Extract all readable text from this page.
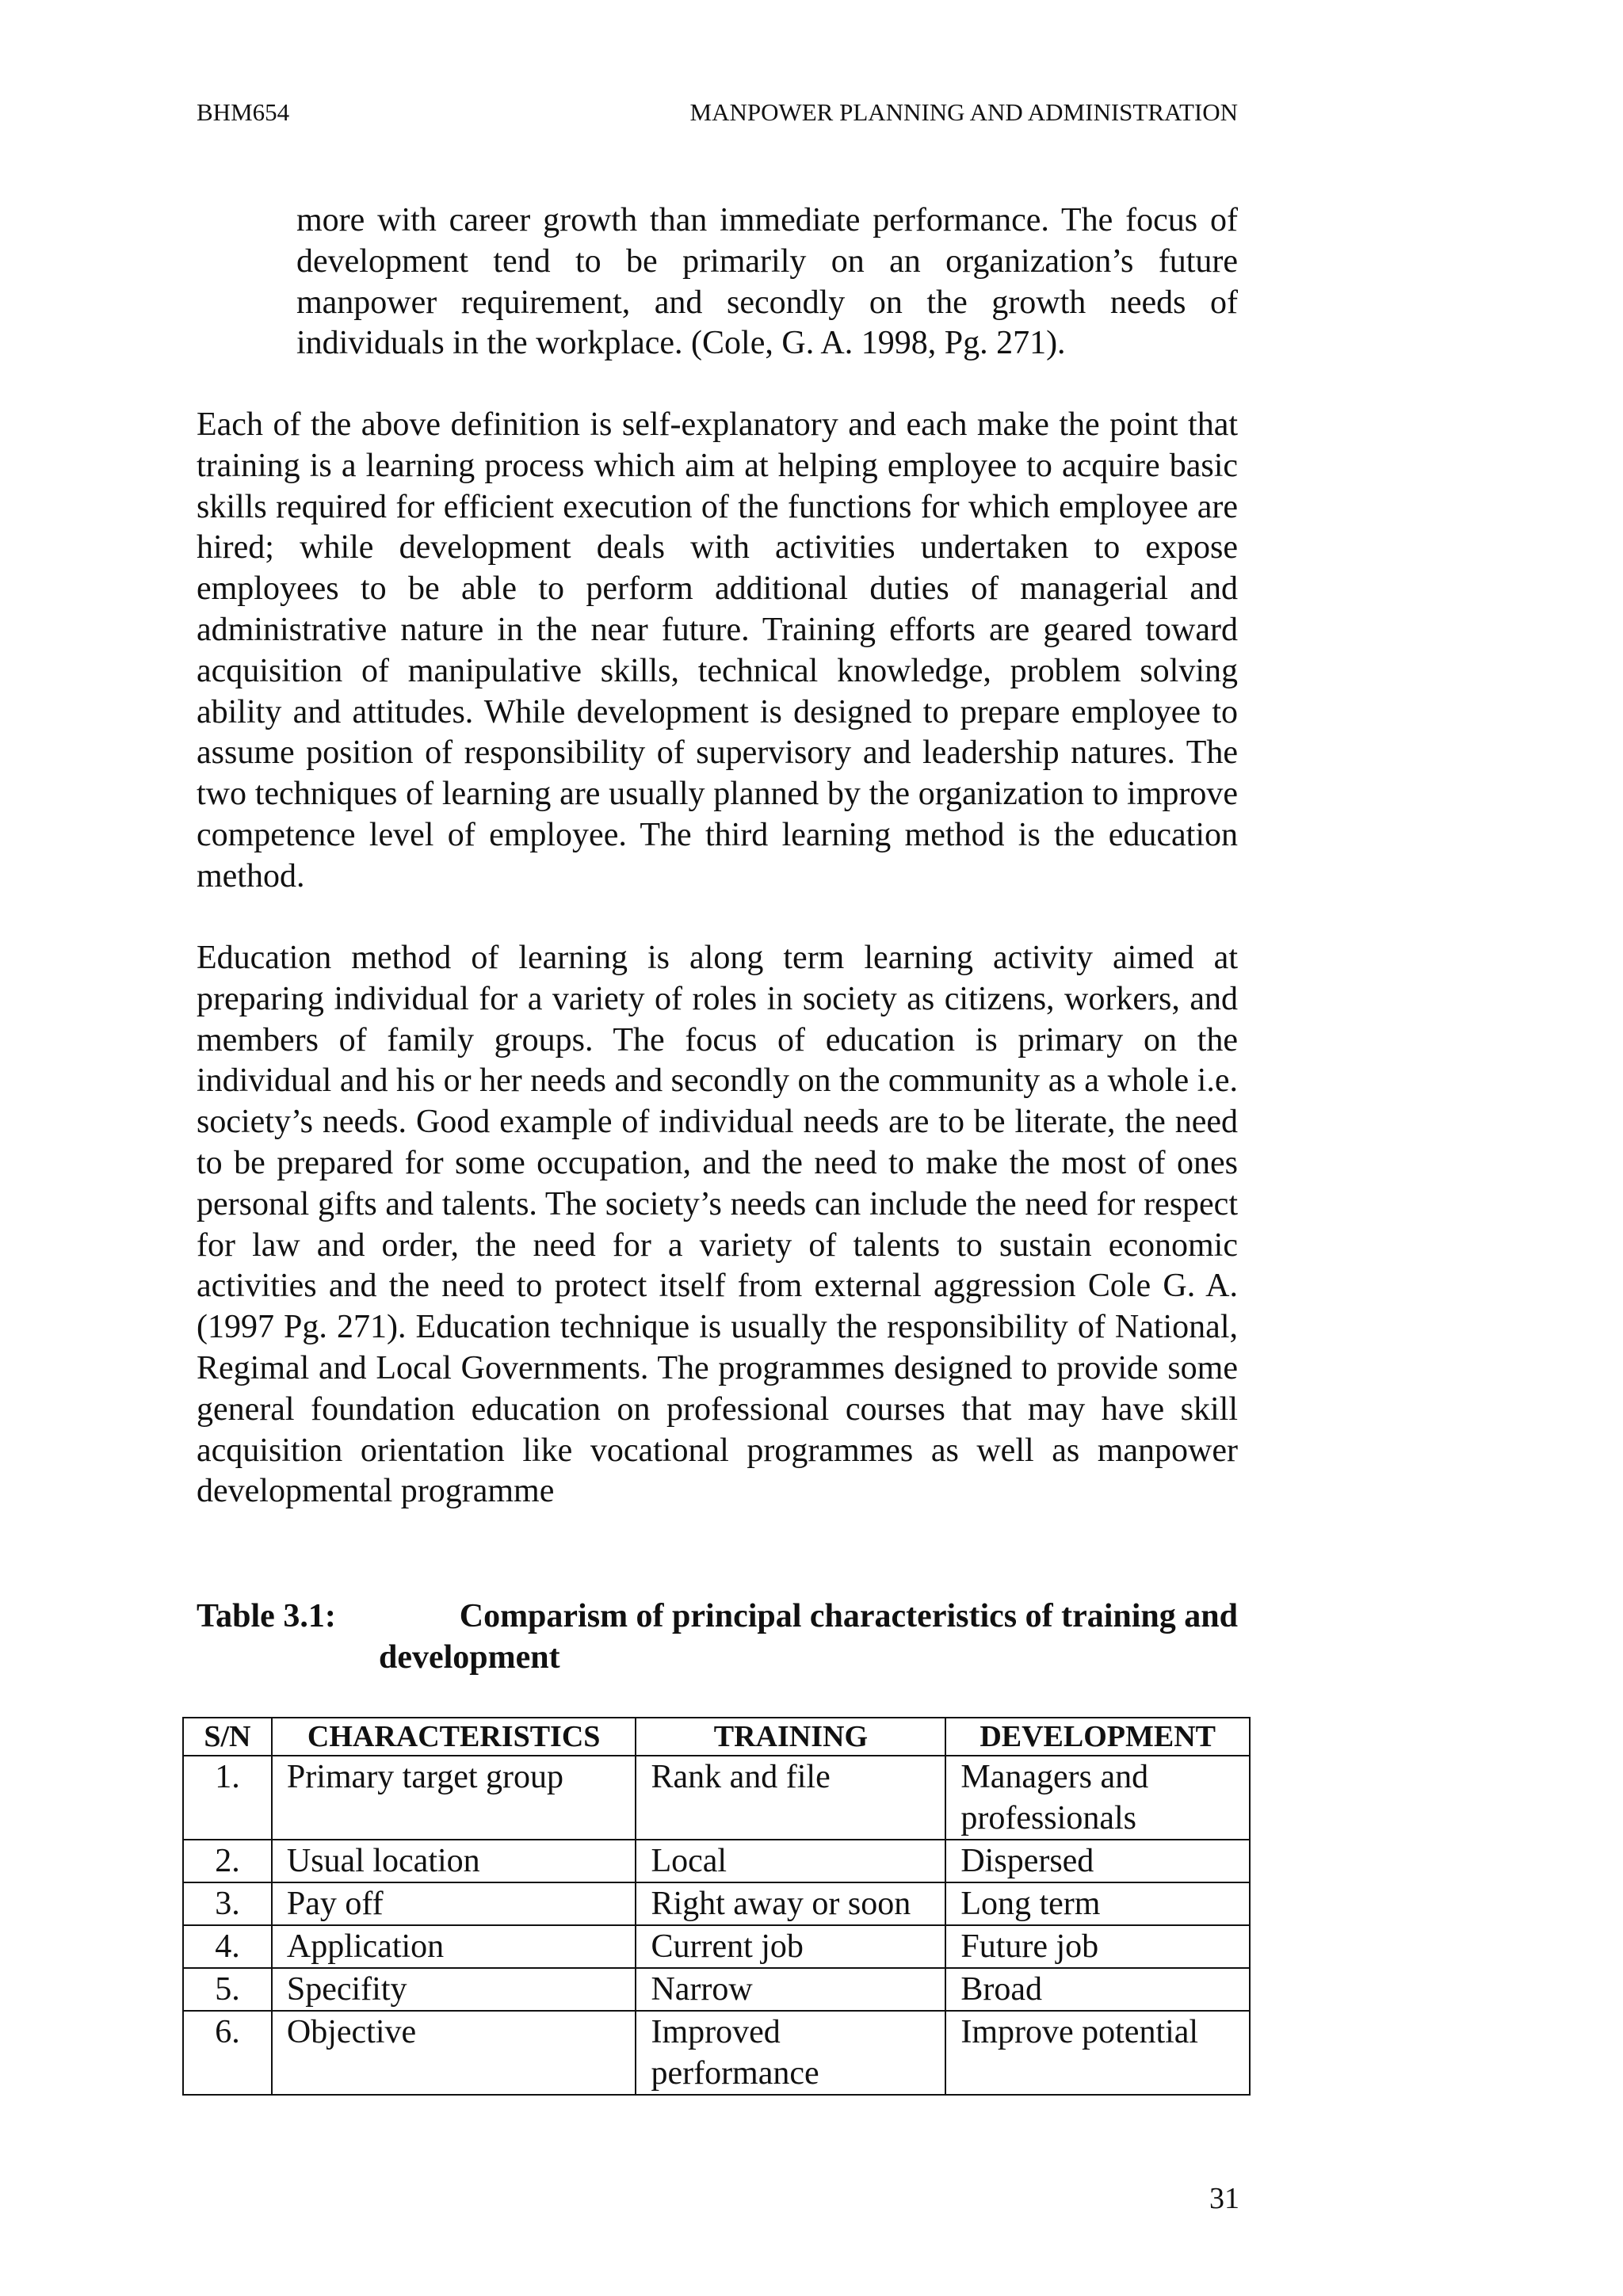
BHM654	MANPOWER PLANNING AND ADMINISTRATION

more with career growth than immediate performance. The focus of development tend to be primarily on an organization’s future manpower requirement, and secondly on the growth needs of individuals in the workplace. (Cole, G. A. 1998, Pg. 271).

Each of the above definition is self-explanatory and each make the point that training is a learning process which aim at helping employee to acquire basic skills required for efficient execution of the functions for which employee are hired; while development deals with activities undertaken to expose employees to be able to perform additional duties of managerial and administrative nature in the near future. Training efforts are geared toward acquisition of manipulative skills, technical knowledge, problem solving ability and attitudes. While development is designed to prepare employee to assume position of responsibility of supervisory and leadership natures. The two techniques of learning are usually planned by the organization to improve competence level of employee. The third learning method is the education method.

Education method of learning is along term learning activity aimed at preparing individual for a variety of roles in society as citizens, workers, and members of family groups. The focus of education is primary on the individual and his or her needs and secondly on the community as a whole i.e. society’s needs. Good example of individual needs are to be literate, the need to be prepared for some occupation, and the need to make the most of ones personal gifts and talents. The society’s needs can include the need for respect for law and order, the need for a variety of talents to sustain economic activities and the need to protect itself from external aggression Cole G. A. (1997 Pg. 271). Education technique is usually the responsibility of National, Regimal and Local Governments. The programmes designed to provide some general foundation education on professional courses that may have skill acquisition orientation like vocational programmes as well as manpower developmental programme

Table 3.1:	Comparism of principal characteristics of training and
development
S/N	CHARACTERISTICS	TRAINING	DEVELOPMENT
1.	Primary target group	Rank and file	Managers and professionals
2.	Usual location	Local	Dispersed
3.	Pay off	Right away or soon	Long term
4.	Application	Current job	Future job
5.	Specifity	Narrow	Broad
6.	Objective	Improved performance	Improve potential
31
